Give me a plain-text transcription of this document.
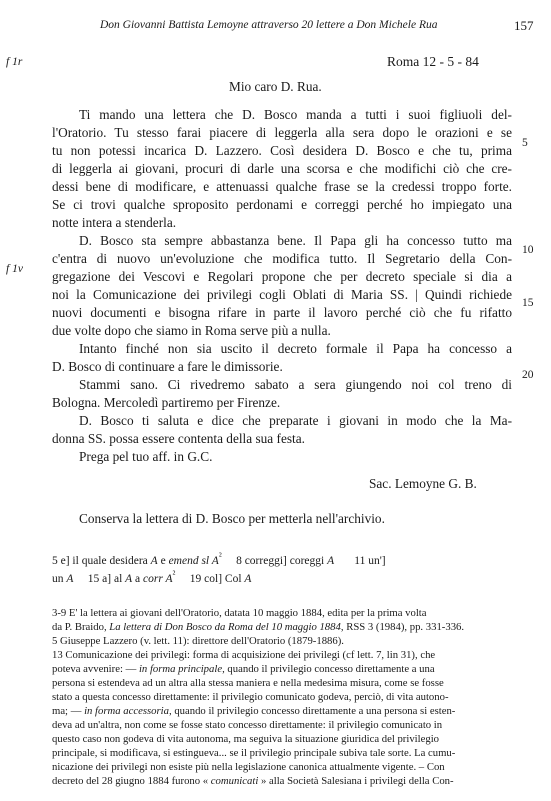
Don Giovanni Battista Lemoyne attraverso 20 lettere a Don Michele Rua	157
f 1r
f 1v
5
10
15
20
Roma 12 - 5 - 84
Mio caro D. Rua.
Ti mando una lettera che D. Bosco manda a tutti i suoi figliuoli del-
l'Oratorio. Tu stesso farai piacere di leggerla alla sera dopo le orazioni e se
tu non potessi incarica D. Lazzero. Così desidera D. Bosco e che tu, prima
di leggerla ai giovani, procuri di darle una scorsa e che modifichi ciò che cre-
dessi bene di modificare, e attenuassi qualche frase se la credessi troppo forte.
Se ci trovi qualche sproposito perdonami e correggi perché ho impiegato una
notte intera a stenderla.
D. Bosco sta sempre abbastanza bene. Il Papa gli ha concesso tutto ma
c'entra di nuovo un'evoluzione che modifica tutto. Il Segretario della Con-
gregazione dei Vescovi e Regolari propone che per decreto speciale si dia a
noi la Comunicazione dei privilegi cogli Oblati di Maria SS. | Quindi richiede
nuovi documenti e bisogna rifare in parte il lavoro perché ciò che fu rifatto
due volte dopo che siamo in Roma serve più a nulla.
Intanto finché non sia uscito il decreto formale il Papa ha concesso a
D. Bosco di continuare a fare le dimissorie.
Stammi sano. Ci rivedremo sabato a sera giungendo noi col treno di
Bologna. Mercoledì partiremo per Firenze.
D. Bosco ti saluta e dice che preparate i giovani in modo che la Ma-
donna SS. possa essere contenta della sua festa.
Prega pel tuo aff. in G.C.
Sac. Lemoyne G. B.
Conserva la lettera di D. Bosco per metterla nell'archivio.
5 e] il quale desidera A e emend sl $A^{^2}$ 8 correggi] coreggi A 11 un']
un A 15 a] al A a corr $A^{^2}$ 19 col] Col A
3-9 E' la lettera ai giovani dell'Oratorio, datata 10 maggio 1884, edita per la prima volta
da P. Braido, La lettera di Don Bosco da Roma del 10 maggio 1884, RSS 3 (1984), pp. 331-336.
5 Giuseppe Lazzero (v. lett. 11): direttore dell'Oratorio (1879-1886).
13 Comunicazione dei privilegi: forma di acquisizione dei privilegi (cf lett. 7, lin 31), che
poteva avvenire: — in forma principale, quando il privilegio concesso direttamente a una
persona si estendeva ad un altra alla stessa maniera e nella medesima misura, come se fosse
stato a questa concesso direttamente: il privilegio comunicato godeva, perciò, di vita autono-
ma; — in forma accessoria, quando il privilegio concesso direttamente a una persona si esten-
deva ad un'altra, non come se fosse stato concesso direttamente: il privilegio comunicato in
questo caso non godeva di vita autonoma, ma seguiva la situazione giuridica del privilegio
principale, si modificava, si estingueva... se il privilegio principale subiva tale sorte. La cumu-
nicazione dei privilegi non esiste più nella legislazione canonica attualmente vigente. – Con
decreto del 28 giugno 1884 furono « comunicati » alla Società Salesiana i privilegi della Con-
